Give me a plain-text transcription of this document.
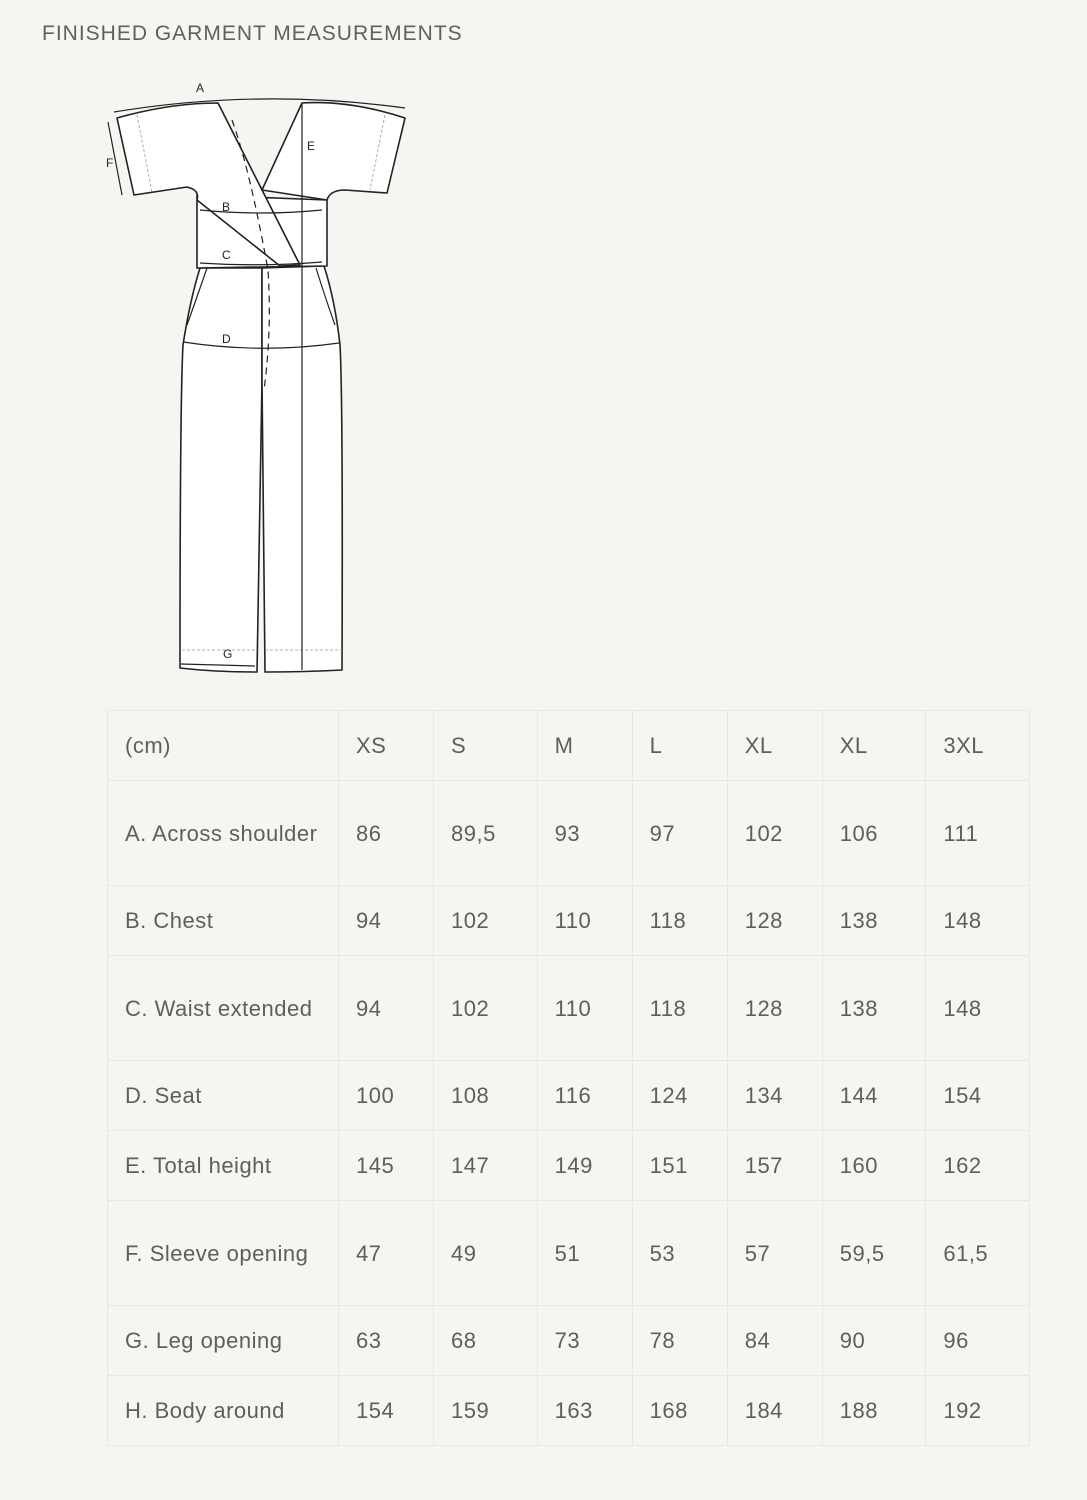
FINISHED GARMENT MEASUREMENTS
A
F
B
C
D
E
G
(cm)	XS	S	M	L	XL	XL	3XL
A. Across shoulder	86	89,5	93	97	102	106	111
B. Chest	94	102	110	118	128	138	148
C. Waist extended	94	102	110	118	128	138	148
D. Seat	100	108	116	124	134	144	154
E. Total height	145	147	149	151	157	160	162
F. Sleeve opening	47	49	51	53	57	59,5	61,5
G. Leg opening	63	68	73	78	84	90	96
H. Body around	154	159	163	168	184	188	192
